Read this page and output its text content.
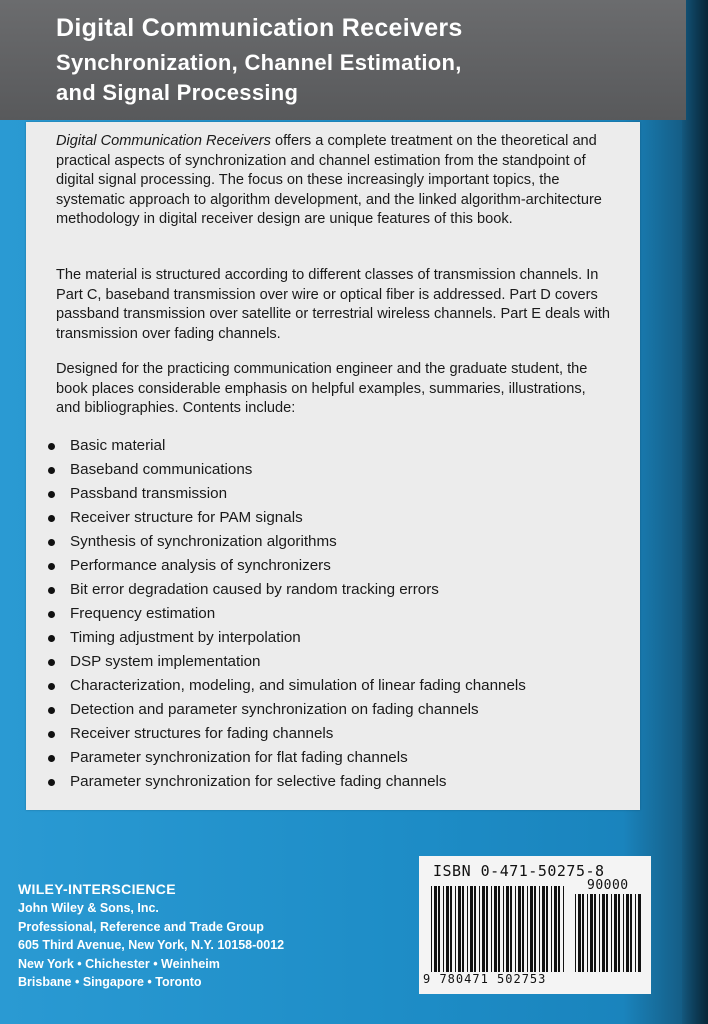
Digital Communication Receivers
Synchronization, Channel Estimation,
and Signal Processing

Digital Communication Receivers offers a complete treatment on the theoretical and practical aspects of synchronization and channel estimation from the standpoint of digital signal processing. The focus on these increasingly important topics, the systematic approach to algorithm development, and the linked algorithm-architecture methodology in digital receiver design are unique features of this book.

The material is structured according to different classes of transmission channels. In Part C, baseband transmission over wire or optical fiber is addressed. Part D covers passband transmission over satellite or terrestrial wireless channels. Part E deals with transmission over fading channels.

Designed for the practicing communication engineer and the graduate student, the book places considerable emphasis on helpful examples, summaries, illustrations, and bibliographies. Contents include:

Basic material
Baseband communications
Passband transmission
Receiver structure for PAM signals
Synthesis of synchronization algorithms
Performance analysis of synchronizers
Bit error degradation caused by random tracking errors
Frequency estimation
Timing adjustment by interpolation
DSP system implementation
Characterization, modeling, and simulation of linear fading channels
Detection and parameter synchronization on fading channels
Receiver structures for fading channels
Parameter synchronization for flat fading channels
Parameter synchronization for selective fading channels
WILEY-INTERSCIENCE
John Wiley & Sons, Inc.
Professional, Reference and Trade Group
605 Third Avenue, New York, N.Y. 10158-0012
New York • Chichester • Weinheim
Brisbane • Singapore • Toronto
ISBN 0-471-50275-8
90000
9 780471 502753
